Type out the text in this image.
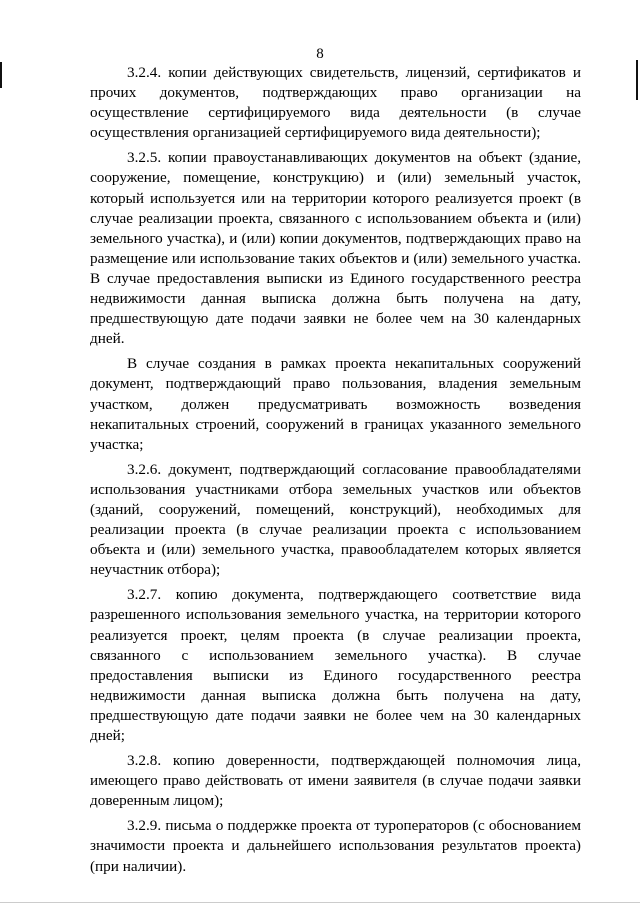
8

3.2.4. копии действующих свидетельств, лицензий, сертификатов и прочих документов, подтверждающих право организации на осуществление сертифицируемого вида деятельности (в случае осуществления организацией сертифицируемого вида деятельности);

3.2.5. копии правоустанавливающих документов на объект (здание, сооружение, помещение, конструкцию) и (или) земельный участок, который используется или на территории которого реализуется проект (в случае реализации проекта, связанного с использованием объекта и (или) земельного участка), и (или) копии документов, подтверждающих право на размещение или использование таких объектов и (или) земельного участка. В случае предоставления выписки из Единого государственного реестра недвижимости данная выписка должна быть получена на дату, предшествующую дате подачи заявки не более чем на 30 календарных дней.

В случае создания в рамках проекта некапитальных сооружений документ, подтверждающий право пользования, владения земельным участком, должен предусматривать возможность возведения некапитальных строений, сооружений в границах указанного земельного участка;

3.2.6. документ, подтверждающий согласование правообладателями использования участниками отбора земельных участков или объектов (зданий, сооружений, помещений, конструкций), необходимых для реализации проекта (в случае реализации проекта с использованием объекта и (или) земельного участка, правообладателем которых является неучастник отбора);

3.2.7. копию документа, подтверждающего соответствие вида разрешенного использования земельного участка, на территории которого реализуется проект, целям проекта (в случае реализации проекта, связанного с использованием земельного участка). В случае предоставления выписки из Единого государственного реестра недвижимости данная выписка должна быть получена на дату, предшествующую дате подачи заявки не более чем на 30 календарных дней;

3.2.8. копию доверенности, подтверждающей полномочия лица, имеющего право действовать от имени заявителя (в случае подачи заявки доверенным лицом);

3.2.9. письма о поддержке проекта от туроператоров (с обоснованием значимости проекта и дальнейшего использования результатов проекта) (при наличии).
